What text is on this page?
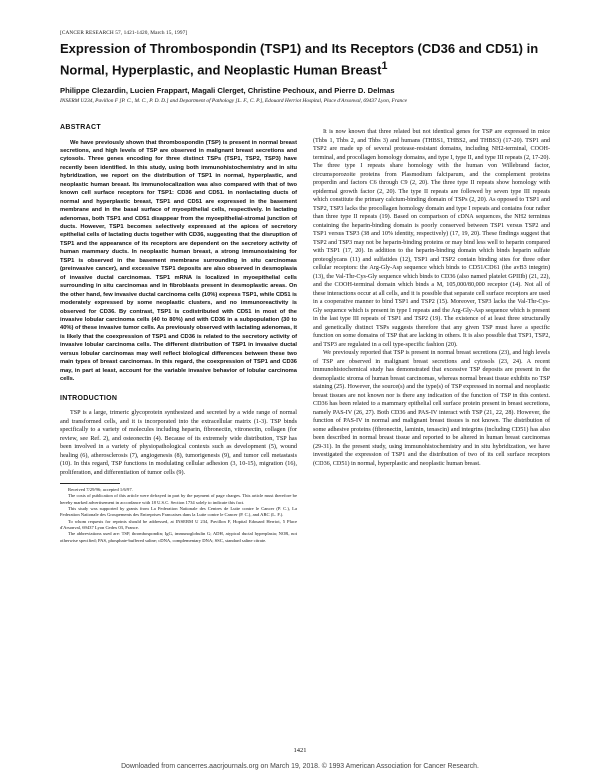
[CANCER RESEARCH 57, 1421-1420, March 15, 1997]
Expression of Thrombospondin (TSP1) and Its Receptors (CD36 and CD51) in Normal, Hyperplastic, and Neoplastic Human Breast$^1$
Philippe Clezardin, Lucien Frappart, Magali Clerget, Christine Pechoux, and Pierre D. Delmas
INSERM U234, Pavillon F [P. C., M. C., P. D. D.] and Department of Pathology [L. F., C. P.], Edouard Herriot Hospital, Place d'Arsonval, 69437 Lyon, France
ABSTRACT

We have previously shown that thrombospondin (TSP) is present in normal breast secretions, and high levels of TSP are observed in malignant breast secretions and cytosols. Three genes encoding for three distinct TSPs (TSP1, TSP2, TSP3) have recently been identified. In this study, using both immunohistochemistry and in situ hybridization, we report on the distribution of TSP1 in normal, hyperplastic, and neoplastic human breast. Its immunolocalization was also compared with that of two known cell surface receptors for TSP1: CD36 and CD51. In nonlactating ducts of normal and hyperplastic breast, TSP1 and CD51 are expressed in the basement membrane and in the basal surface of myoepithelial cells, respectively. In lactating adenomas, both TSP1 and CD51 disappear from the myoepithelial-stromal junction of ducts. However, TSP1 becomes selectively expressed at the apices of secretory epithelial cells of lactating ducts together with CD36, suggesting that the disruption of TSP1 and the appearance of its receptors are dependent on the secretory activity of human mammary ducts. In neoplastic human breast, a strong immunostaining for TSP1 is observed in the basement membrane surrounding in situ carcinomas (preinvasive cancer), and excessive TSP1 deposits are also observed in desmoplasia of invasive ductal carcinomas. TSP1 mRNA is localized in myoepithelial cells surrounding in situ carcinomas and in fibroblasts present in desmoplastic areas. On the other hand, few invasive ductal carcinoma cells (10%) express TSP1, while CD51 is moderately expressed by some neoplastic clusters, and no immunoreactivity is observed for CD36. By contrast, TSP1 is codistributed with CD51 in most of the invasive lobular carcinoma cells (40 to 80%) and with CD36 in a subpopulation (30 to 40%) of these invasive tumor cells. As previously observed with lactating adenomas, it is likely that the coexpression of TSP1 and CD36 is related to the secretory activity of invasive lobular carcinoma cells. The different distribution of TSP1 in invasive ductal versus lobular carcinomas may well reflect biological differences between these two main types of breast carcinomas. In this regard, the coexpression of TSP1 and CD36 may, in part at least, account for the variable invasive behavior of lobular carcinoma cells.

INTRODUCTION

TSP is a large, trimeric glycoprotein synthesized and secreted by a wide range of normal and transformed cells, and it is incorporated into the extracellular matrix (1-3). TSP binds specifically to a variety of molecules including heparin, fibronectin, vitronectin, collagen (for review, see Ref. 2), and osteonectin (4). Because of its extremely wide distribution, TSP has been involved in a variety of physiopathological contexts such as development (5), wound healing (6), atherosclerosis (7), angiogenesis (8), tumorigenesis (9), and tumor cell metastasis (10). In this regard, TSP functions in modulating cellular adhesion (3, 10-15), migration (16), proliferation, and differentiation of tumor cells (9).

Received 7/29/96; accepted 1/6/97.

The costs of publication of this article were defrayed in part by the payment of page charges. This article must therefore be hereby marked advertisement in accordance with 18 U.S.C. Section 1734 solely to indicate this fact.

This study was supported by grants from La Federation Nationale des Centres de Lutte contre le Cancer (P. C.), La Federation Nationale des Groupements des Entreprises Francaises dans la Lutte contre le Cancer (P. C.), and ARC (L. F.).

To whom requests for reprints should be addressed, at INSERM U 234, Pavillon F, Hopital Edouard Herriot, 5 Place d'Arsonval, 69437 Lyon Cedex 03, France.

The abbreviations used are: TSP, thrombospondin; IgG, immunoglobulin G; ADH, atypical ductal hyperplasia; NOR, not otherwise specified; PAS, phosphate-buffered saline; cDNA, complementary DNA; SSC, standard saline citrate.

It is now known that three related but not identical genes for TSP are expressed in mice (Thbs 1, Thbs 2, and Thbs 3) and humans (THBS1, THBS2, and THBS3) (17-20). TSP1 and TSP2 are made up of several protease-resistant domains, including NH2-terminal, COOH-terminal, and procollagen homology domains, and type I, type II, and type III repeats (2, 17-20). The three type I repeats share homology with the human von Willebrand factor, circumsporozoite proteins from Plasmodium falciparum, and the complement proteins properdin and factors C6 through C9 (2, 20). The three type II repeats show homology with epidermal growth factor (2, 20). The type II repeats are followed by seven type III repeats which constitute the primary calcium-binding domain of TSPs (2, 20). As opposed to TSP1 and TSP2, TSP3 lacks the procollagen homology domain and type I repeats and contains four rather than three type II repeats (19). Based on comparison of cDNA sequences, the NH2 terminus containing the heparin-binding domain is poorly conserved between TSP1 versus TSP2 and TSP1 versus TSP3 (38 and 10% identity, respectively) (17, 19, 20). These findings suggest that TSP2 and TSP3 may not be heparin-binding proteins or may bind less well to heparin compared with TSP1 (17, 20). In addition to the heparin-binding domain which binds heparin sulfate proteoglycans (11) and sulfatides (12), TSP1 and TSP2 contain binding sites for three other cellular receptors: the Arg-Gly-Asp sequence which binds to CD51/CD61 (the avB3 integrin) (13), the Val-Thr-Cys-Gly sequence which binds to CD36 (also named platelet GPIIIb) (21, 22), and the COOH-terminal domain which binds a M, 105,000/80,000 receptor (14). Not all of these interactions occur at all cells, and it is possible that separate cell surface receptors are used in a cooperative manner to bind TSP1 and TSP2 (15). Moreover, TSP3 lacks the Val-Thr-Cys-Gly sequence which is present in type I repeats and the Arg-Gly-Asp sequence which is present in the last type III repeats of TSP1 and TSP2 (19). The existence of at least three structurally and genetically distinct TSPs suggests therefore that any given TSP must have a specific function on some domains of TSP that are lacking in others. It is also possible that TSP1, TSP2, and TSP3 are regulated in a cell type-specific fashion (20).

We previously reported that TSP is present in normal breast secretions (23), and high levels of TSP are observed in malignant breast secretions and cytosols (23, 24). A recent immunohistochemical study has demonstrated that excessive TSP deposits are present in the desmoplastic stroma of human breast carcinomas, whereas normal breast tissue exhibits no TSP staining (25). However, the source(s) and the type(s) of TSP expressed in normal and neoplastic breast tissues are not known nor is there any indication of the function of TSP in this context. CD36 has been related to a mammary epithelial cell surface protein present in breast secretions, namely PAS-IV (26, 27). Both CD36 and PAS-IV interact with TSP (21, 22, 28). However, the function of PAS-IV in normal and malignant breast tissues is not known. The distribution of some adhesive proteins (fibronectin, laminin, tenascin) and integrins (including CD51) has also been described in normal breast tissue and reported to be altered in human breast carcinomas (29-31). In the present study, using immunohistochemistry and in situ hybridization, we have investigated the expression of TSP1 and the distribution of two of its cell surface receptors (CD36, CD51) in normal, hyperplastic and neoplastic human breast.

1421
Downloaded from cancerres.aacrjournals.org on March 19, 2018. © 1993 American Association for Cancer Research.
